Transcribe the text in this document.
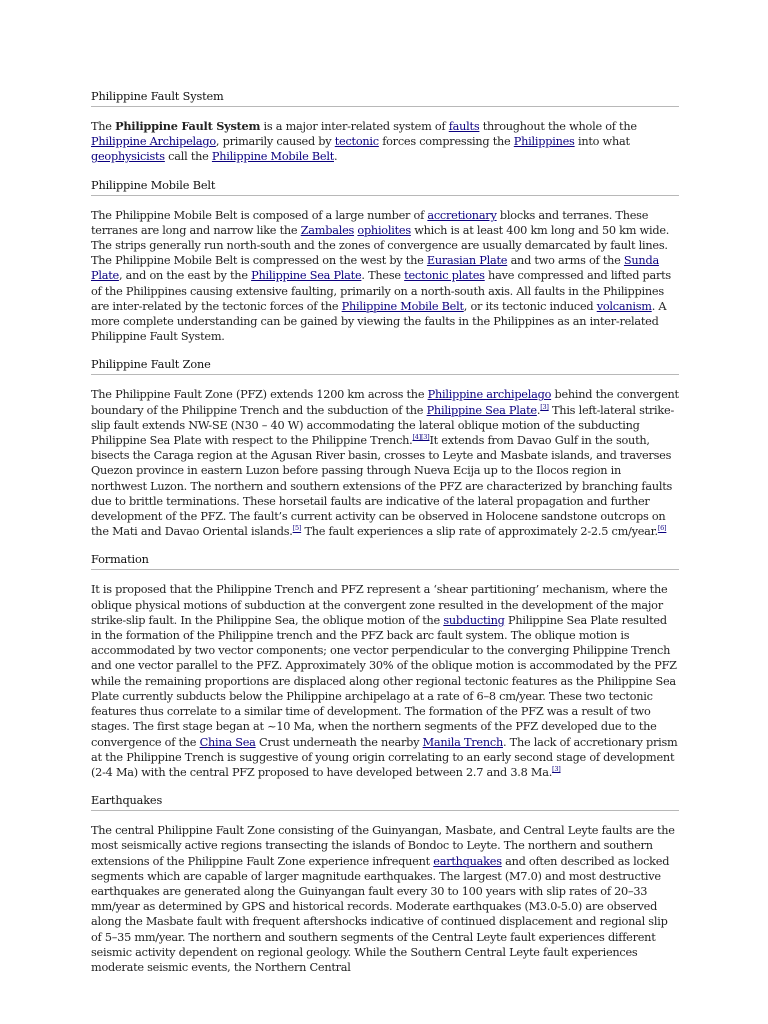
Philippine Fault System

The Philippine Fault System is a major inter-related system of faults throughout the whole of the Philippine Archipelago, primarily caused by tectonic forces compressing the Philippines into what geophysicists call the Philippine Mobile Belt.

Philippine Mobile Belt

The Philippine Mobile Belt is composed of a large number of accretionary blocks and terranes. These terranes are long and narrow like the Zambales ophiolites which is at least 400 km long and 50 km wide. The strips generally run north-south and the zones of convergence are usually demarcated by fault lines. The Philippine Mobile Belt is compressed on the west by the Eurasian Plate and two arms of the Sunda Plate, and on the east by the Philippine Sea Plate. These tectonic plates have compressed and lifted parts of the Philippines causing extensive faulting, primarily on a north-south axis. All faults in the Philippines are inter-related by the tectonic forces of the Philippine Mobile Belt, or its tectonic induced volcanism. A more complete understanding can be gained by viewing the faults in the Philippines as an inter-related Philippine Fault System.

Philippine Fault Zone

The Philippine Fault Zone (PFZ) extends 1200 km across the Philippine archipelago behind the convergent boundary of the Philippine Trench and the subduction of the Philippine Sea Plate.[3] This left-lateral strike-slip fault extends NW-SE (N30 – 40 W) accommodating the lateral oblique motion of the subducting Philippine Sea Plate with respect to the Philippine Trench.[4][3]It extends from Davao Gulf in the south, bisects the Caraga region at the Agusan River basin, crosses to Leyte and Masbate islands, and traverses Quezon province in eastern Luzon before passing through Nueva Ecija up to the Ilocos region in northwest Luzon. The northern and southern extensions of the PFZ are characterized by branching faults due to brittle terminations. These horsetail faults are indicative of the lateral propagation and further development of the PFZ. The fault’s current activity can be observed in Holocene sandstone outcrops on the Mati and Davao Oriental islands.[5] The fault experiences a slip rate of approximately 2-2.5 cm/year.[6]

Formation

It is proposed that the Philippine Trench and PFZ represent a ‘shear partitioning’ mechanism, where the oblique physical motions of subduction at the convergent zone resulted in the development of the major strike-slip fault. In the Philippine Sea, the oblique motion of the subducting Philippine Sea Plate resulted in the formation of the Philippine trench and the PFZ back arc fault system. The oblique motion is accommodated by two vector components; one vector perpendicular to the converging Philippine Trench and one vector parallel to the PFZ. Approximately 30% of the oblique motion is accommodated by the PFZ while the remaining proportions are displaced along other regional tectonic features as the Philippine Sea Plate currently subducts below the Philippine archipelago at a rate of 6–8 cm/year. These two tectonic features thus correlate to a similar time of development. The formation of the PFZ was a result of two stages. The first stage began at ~10 Ma, when the northern segments of the PFZ developed due to the convergence of the China Sea Crust underneath the nearby Manila Trench. The lack of accretionary prism at the Philippine Trench is suggestive of young origin correlating to an early second stage of development (2-4 Ma) with the central PFZ proposed to have developed between 2.7 and 3.8 Ma.[3]

Earthquakes

The central Philippine Fault Zone consisting of the Guinyangan, Masbate, and Central Leyte faults are the most seismically active regions transecting the islands of Bondoc to Leyte. The northern and southern extensions of the Philippine Fault Zone experience infrequent earthquakes and often described as locked segments which are capable of larger magnitude earthquakes. The largest (M7.0) and most destructive earthquakes are generated along the Guinyangan fault every 30 to 100 years with slip rates of 20–33 mm/year as determined by GPS and historical records. Moderate earthquakes (M3.0-5.0) are observed along the Masbate fault with frequent aftershocks indicative of continued displacement and regional slip of 5–35 mm/year. The northern and southern segments of the Central Leyte fault experiences different seismic activity dependent on regional geology. While the Southern Central Leyte fault experiences moderate seismic events, the Northern Central
